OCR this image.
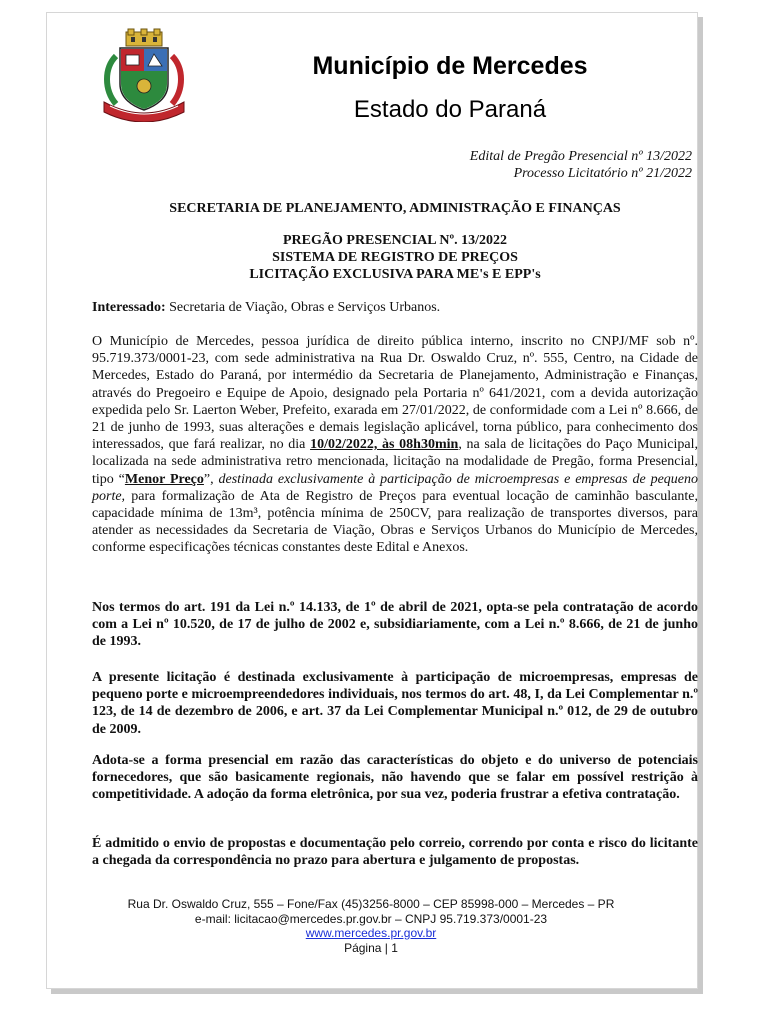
Município de Mercedes
Estado do Paraná
Edital de Pregão Presencial nº 13/2022
Processo Licitatório nº 21/2022
SECRETARIA DE PLANEJAMENTO, ADMINISTRAÇÃO E FINANÇAS
PREGÃO PRESENCIAL Nº. 13/2022
SISTEMA DE REGISTRO DE PREÇOS
LICITAÇÃO EXCLUSIVA PARA ME's E EPP's
Interessado: Secretaria de Viação, Obras e Serviços Urbanos.
O Município de Mercedes, pessoa jurídica de direito pública interno, inscrito no CNPJ/MF sob nº. 95.719.373/0001-23, com sede administrativa na Rua Dr. Oswaldo Cruz, nº. 555, Centro, na Cidade de Mercedes, Estado do Paraná, por intermédio da Secretaria de Planejamento, Administração e Finanças, através do Pregoeiro e Equipe de Apoio, designado pela Portaria nº 641/2021, com a devida autorização expedida pelo Sr. Laerton Weber, Prefeito, exarada em 27/01/2022, de conformidade com a Lei nº 8.666, de 21 de junho de 1993, suas alterações e demais legislação aplicável, torna público, para conhecimento dos interessados, que fará realizar, no dia 10/02/2022, às 08h30min, na sala de licitações do Paço Municipal, localizada na sede administrativa retro mencionada, licitação na modalidade de Pregão, forma Presencial, tipo “Menor Preço”, destinada exclusivamente à participação de microempresas e empresas de pequeno porte, para formalização de Ata de Registro de Preços para eventual locação de caminhão basculante, capacidade mínima de 13m³, potência mínima de 250CV, para realização de transportes diversos, para atender as necessidades da Secretaria de Viação, Obras e Serviços Urbanos do Município de Mercedes, conforme especificações técnicas constantes deste Edital e Anexos.
Nos termos do art. 191 da Lei n.º 14.133, de 1º de abril de 2021, opta-se pela contratação de acordo com a Lei nº 10.520, de 17 de julho de 2002 e, subsidiariamente, com a Lei n.º 8.666, de 21 de junho de 1993.
A presente licitação é destinada exclusivamente à participação de microempresas, empresas de pequeno porte e microempreendedores individuais, nos termos do art. 48, I, da Lei Complementar n.º 123, de 14 de dezembro de 2006, e art. 37 da Lei Complementar Municipal n.º 012, de 29 de outubro de 2009.
Adota-se a forma presencial em razão das características do objeto e do universo de potenciais fornecedores, que são basicamente regionais, não havendo que se falar em possível restrição à competitividade. A adoção da forma eletrônica, por sua vez, poderia frustrar a efetiva contratação.
É admitido o envio de propostas e documentação pelo correio, correndo por conta e risco do licitante a chegada da correspondência no prazo para abertura e julgamento de propostas.
Rua Dr. Oswaldo Cruz, 555 – Fone/Fax (45)3256-8000 – CEP 85998-000 – Mercedes – PR
e-mail: licitacao@mercedes.pr.gov.br – CNPJ 95.719.373/0001-23
www.mercedes.pr.gov.br
Página | 1
